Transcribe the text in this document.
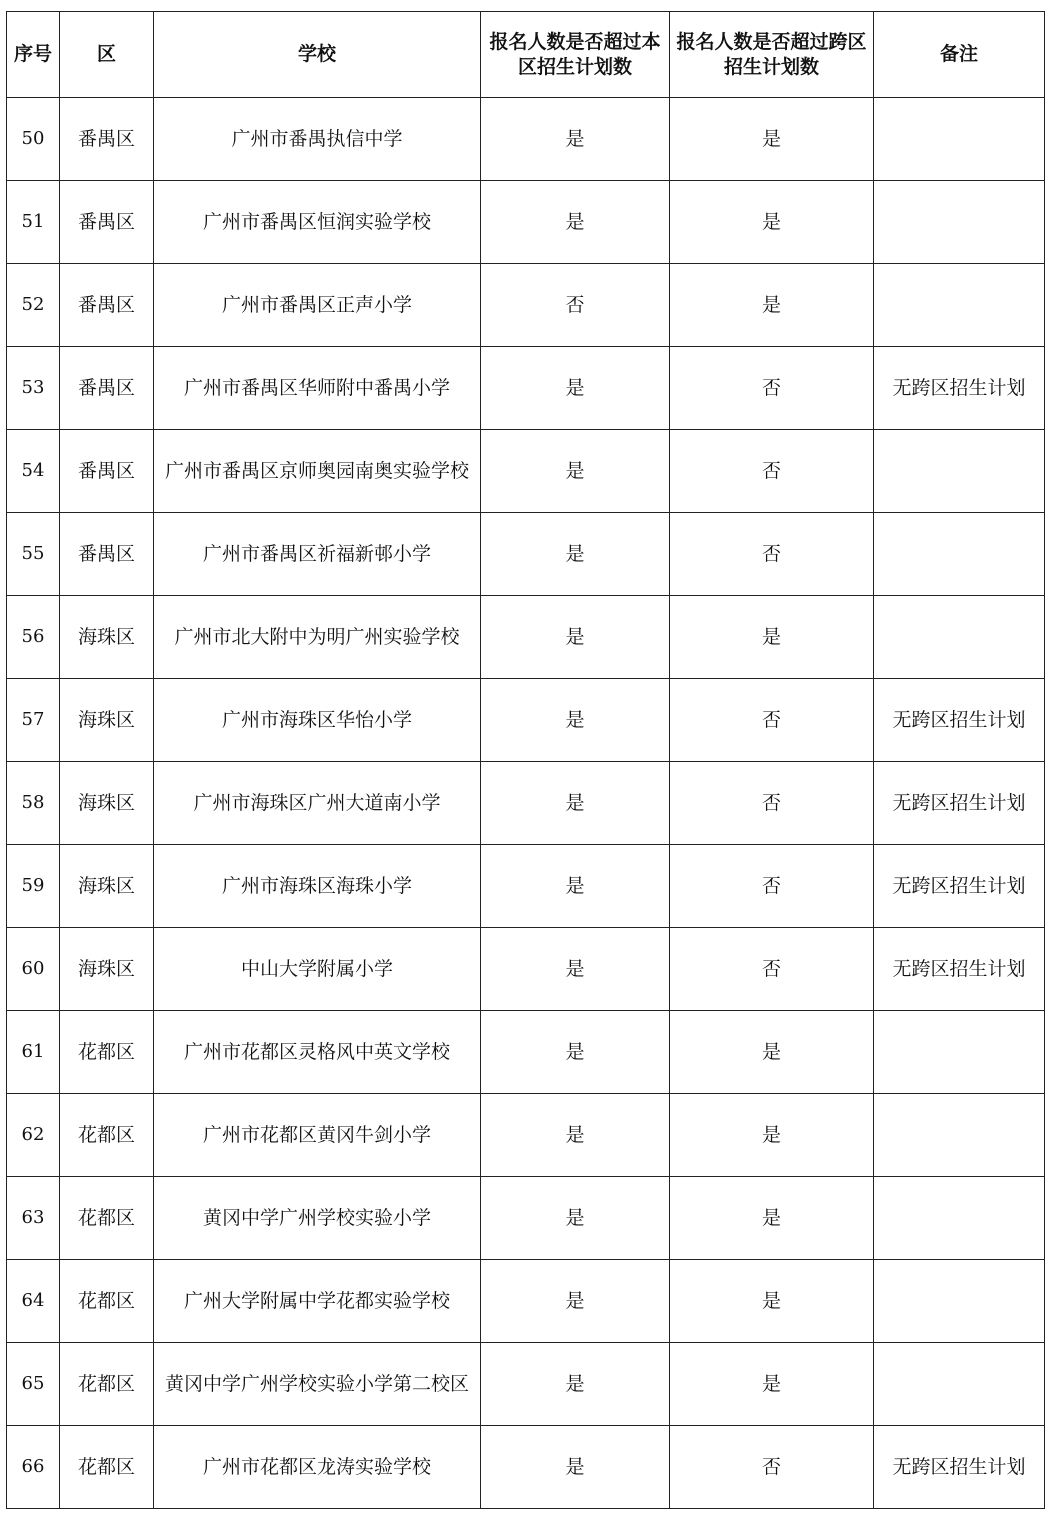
序号	区	学校	报名人数是否超过本区招生计划数	报名人数是否超过跨区招生计划数	备注
50	番禺区	广州市番禺执信中学	是	是	
51	番禺区	广州市番禺区恒润实验学校	是	是	
52	番禺区	广州市番禺区正声小学	否	是	
53	番禺区	广州市番禺区华师附中番禺小学	是	否	无跨区招生计划
54	番禺区	广州市番禺区京师奥园南奥实验学校	是	否	
55	番禺区	广州市番禺区祈福新邨小学	是	否	
56	海珠区	广州市北大附中为明广州实验学校	是	是	
57	海珠区	广州市海珠区华怡小学	是	否	无跨区招生计划
58	海珠区	广州市海珠区广州大道南小学	是	否	无跨区招生计划
59	海珠区	广州市海珠区海珠小学	是	否	无跨区招生计划
60	海珠区	中山大学附属小学	是	否	无跨区招生计划
61	花都区	广州市花都区灵格风中英文学校	是	是	
62	花都区	广州市花都区黄冈牛剑小学	是	是	
63	花都区	黄冈中学广州学校实验小学	是	是	
64	花都区	广州大学附属中学花都实验学校	是	是	
65	花都区	黄冈中学广州学校实验小学第二校区	是	是	
66	花都区	广州市花都区龙涛实验学校	是	否	无跨区招生计划
